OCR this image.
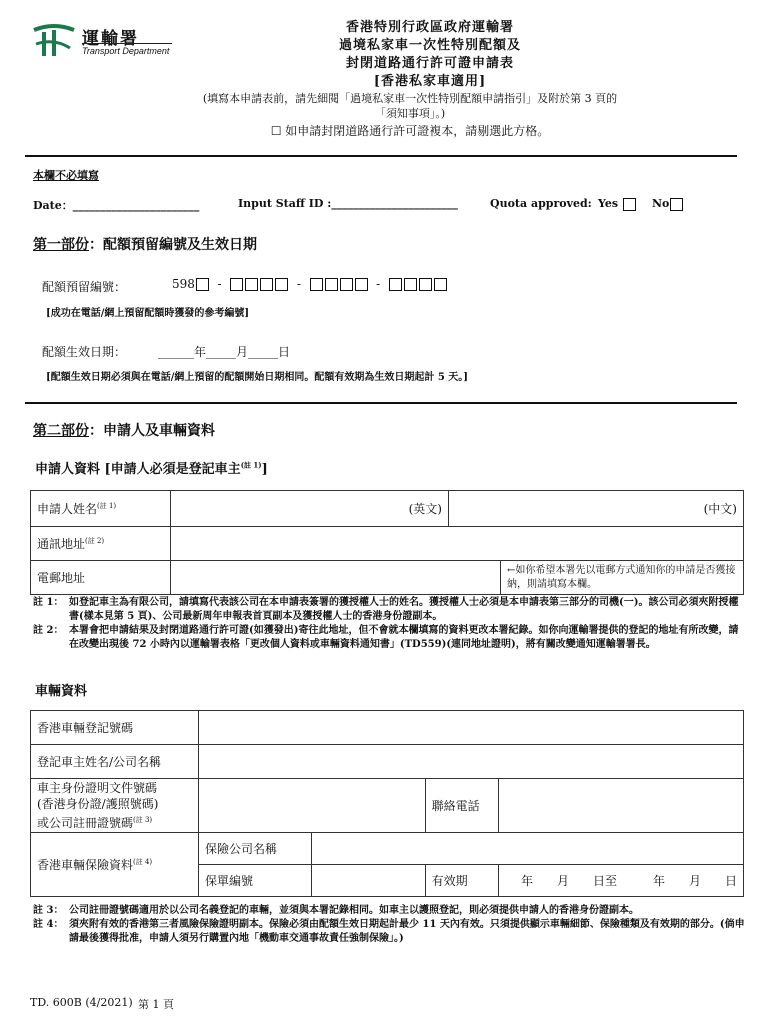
運輸署
Transport Department
香港特別行政區政府運輸署
過境私家車一次性特別配額及
封閉道路通行許可證申請表
[香港私家車適用]
(填寫本申請表前，請先細閱「過境私家車一次性特別配額申請指引」及附於第 3 頁的
「須知事項」。)
☐ 如申請封閉道路通行許可證複本，請剔選此方格。
本欄不必填寫
Date：_______________________	Input Staff ID :_______________________	Quota approved: Yes	No
第一部份：配額預留編號及生效日期
配額預留編號：	598  -	-	-
[成功在電話/網上預留配額時獲發的參考編號]
配額生效日期：	______年_____月_____日
[配額生效日期必須與在電話/網上預留的配額開始日期相同。配額有效期為生效日期起計 5 天。]
第二部份：申請人及車輛資料
申請人資料 [申請人必須是登記車主$^{(註 1)}$]
申請人姓名$^{(註 1)}$	(英文)	(中文)	
通訊地址$^{(註 2)}$	
電郵地址			←如你希望本署先以電郵方式通知你的申請是否獲接納，則請填寫本欄。
註 1： 如登記車主為有限公司，請填寫代表該公司在本申請表簽署的獲授權人士的姓名。獲授權人士必須是本申請表第三部分的司機(一)。該公司必須夾附授權書(樣本見第 5 頁)、公司最新周年申報表首頁副本及獲授權人士的香港身份證副本。
註 2： 本署會把申請結果及封閉道路通行許可證(如獲發出)寄往此地址，但不會就本欄填寫的資料更改本署紀錄。如你向運輸署提供的登記的地址有所改變，請在改變出現後 72 小時內以運輸署表格「更改個人資料或車輛資料通知書」(TD559)(連同地址證明)，將有關改變通知運輸署署長。
車輛資料
香港車輛登記號碼				
登記車主姓名/公司名稱				
車主身份證明文件號碼
(香港身份證/護照號碼)
或公司註冊證號碼$^{(註 3)}$			聯絡電話	
香港車輛保險資料$^{(註 4)}$	保險公司名稱			
	保單編號		有效期	年　　月　　日至　　　年　　月　　日
註 3： 公司註冊證號碼適用於以公司名義登記的車輛，並須與本署記錄相同。如車主以護照登記，則必須提供申請人的香港身份證副本。
註 4： 須夾附有效的香港第三者風險保險證明副本。保險必須由配額生效日期起計最少 11 天內有效。只須提供顯示車輛細節、保險種類及有效期的部分。(倘申請最後獲得批准，申請人須另行購置內地「機動車交通事故責任強制保險」。)
TD. 600B (4/2021) 第 1 頁
